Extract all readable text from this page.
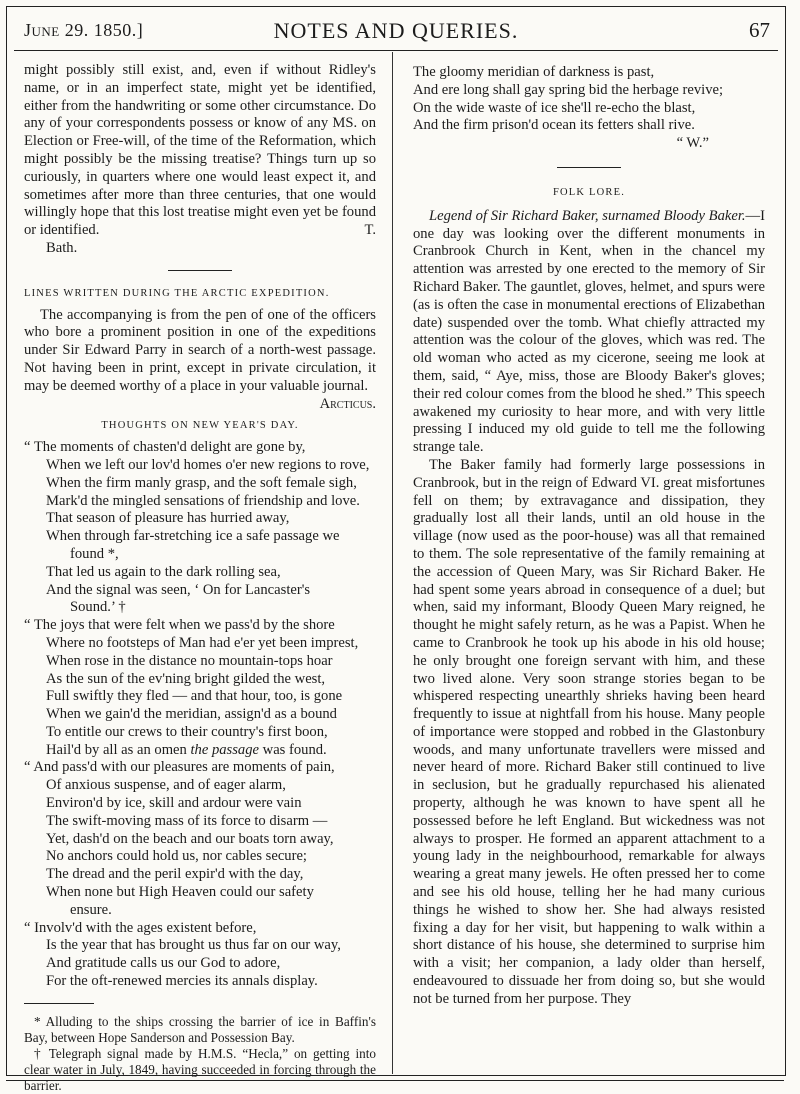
June 29. 1850.]	NOTES AND QUERIES.	67

might possibly still exist, and, even if without Ridley's name, or in an imperfect state, might yet be identified, either from the handwriting or some other circumstance. Do any of your correspondents possess or know of any MS. on Election or Free-will, of the time of the Reformation, which might possibly be the missing treatise? Things turn up so curiously, in quarters where one would least expect it, and sometimes after more than three centuries, that one would willingly hope that this lost treatise might even yet be found or identified.	T.
Bath.
LINES WRITTEN DURING THE ARCTIC EXPEDITION.

The accompanying is from the pen of one of the officers who bore a prominent position in one of the expeditions under Sir Edward Parry in search of a north-west passage. Not having been in print, except in private circulation, it may be deemed worthy of a place in your valuable journal.

Arcticus.
THOUGHTS ON NEW YEAR'S DAY.
“ The moments of chasten'd delight are gone by,
When we left our lov'd homes o'er new regions to rove,
When the firm manly grasp, and the soft female sigh,
Mark'd the mingled sensations of friendship and love.
That season of pleasure has hurried away,
When through far-stretching ice a safe passage we
found *,
That led us again to the dark rolling sea,
And the signal was seen, ‘ On for Lancaster's
Sound.’ †
“ The joys that were felt when we pass'd by the shore
Where no footsteps of Man had e'er yet been imprest,
When rose in the distance no mountain-tops hoar
As the sun of the ev'ning bright gilded the west,
Full swiftly they fled — and that hour, too, is gone
When we gain'd the meridian, assign'd as a bound
To entitle our crews to their country's first boon,
Hail'd by all as an omen the passage was found.
“ And pass'd with our pleasures are moments of pain,
Of anxious suspense, and of eager alarm,
Environ'd by ice, skill and ardour were vain
The swift-moving mass of its force to disarm —
Yet, dash'd on the beach and our boats torn away,
No anchors could hold us, nor cables secure;
The dread and the peril expir'd with the day,
When none but High Heaven could our safety
ensure.
“ Involv'd with the ages existent before,
Is the year that has brought us thus far on our way,
And gratitude calls us our God to adore,
For the oft-renewed mercies its annals display.

* Alluding to the ships crossing the barrier of ice in Baffin's Bay, between Hope Sanderson and Possession Bay.

† Telegraph signal made by H.M.S. “Hecla,” on getting into clear water in July, 1849, having succeeded in forcing through the barrier.

The gloomy meridian of darkness is past,
And ere long shall gay spring bid the herbage revive;
On the wide waste of ice she'll re-echo the blast,
And the firm prison'd ocean its fetters shall rive.
“ W.”
FOLK LORE.

Legend of Sir Richard Baker, surnamed Bloody Baker.—I one day was looking over the different monuments in Cranbrook Church in Kent, when in the chancel my attention was arrested by one erected to the memory of Sir Richard Baker. The gauntlet, gloves, helmet, and spurs were (as is often the case in monumental erections of Elizabethan date) suspended over the tomb. What chiefly attracted my attention was the colour of the gloves, which was red. The old woman who acted as my cicerone, seeing me look at them, said, “ Aye, miss, those are Bloody Baker's gloves; their red colour comes from the blood he shed.” This speech awakened my curiosity to hear more, and with very little pressing I induced my old guide to tell me the following strange tale.

The Baker family had formerly large possessions in Cranbrook, but in the reign of Edward VI. great misfortunes fell on them; by extravagance and dissipation, they gradually lost all their lands, until an old house in the village (now used as the poor-house) was all that remained to them. The sole representative of the family remaining at the accession of Queen Mary, was Sir Richard Baker. He had spent some years abroad in consequence of a duel; but when, said my informant, Bloody Queen Mary reigned, he thought he might safely return, as he was a Papist. When he came to Cranbrook he took up his abode in his old house; he only brought one foreign servant with him, and these two lived alone. Very soon strange stories began to be whispered respecting unearthly shrieks having been heard frequently to issue at nightfall from his house. Many people of importance were stopped and robbed in the Glastonbury woods, and many unfortunate travellers were missed and never heard of more. Richard Baker still continued to live in seclusion, but he gradually repurchased his alienated property, although he was known to have spent all he possessed before he left England. But wickedness was not always to prosper. He formed an apparent attachment to a young lady in the neighbourhood, remarkable for always wearing a great many jewels. He often pressed her to come and see his old house, telling her he had many curious things he wished to show her. She had always resisted fixing a day for her visit, but happening to walk within a short distance of his house, she determined to surprise him with a visit; her companion, a lady older than herself, endeavoured to dissuade her from doing so, but she would not be turned from her purpose. They
